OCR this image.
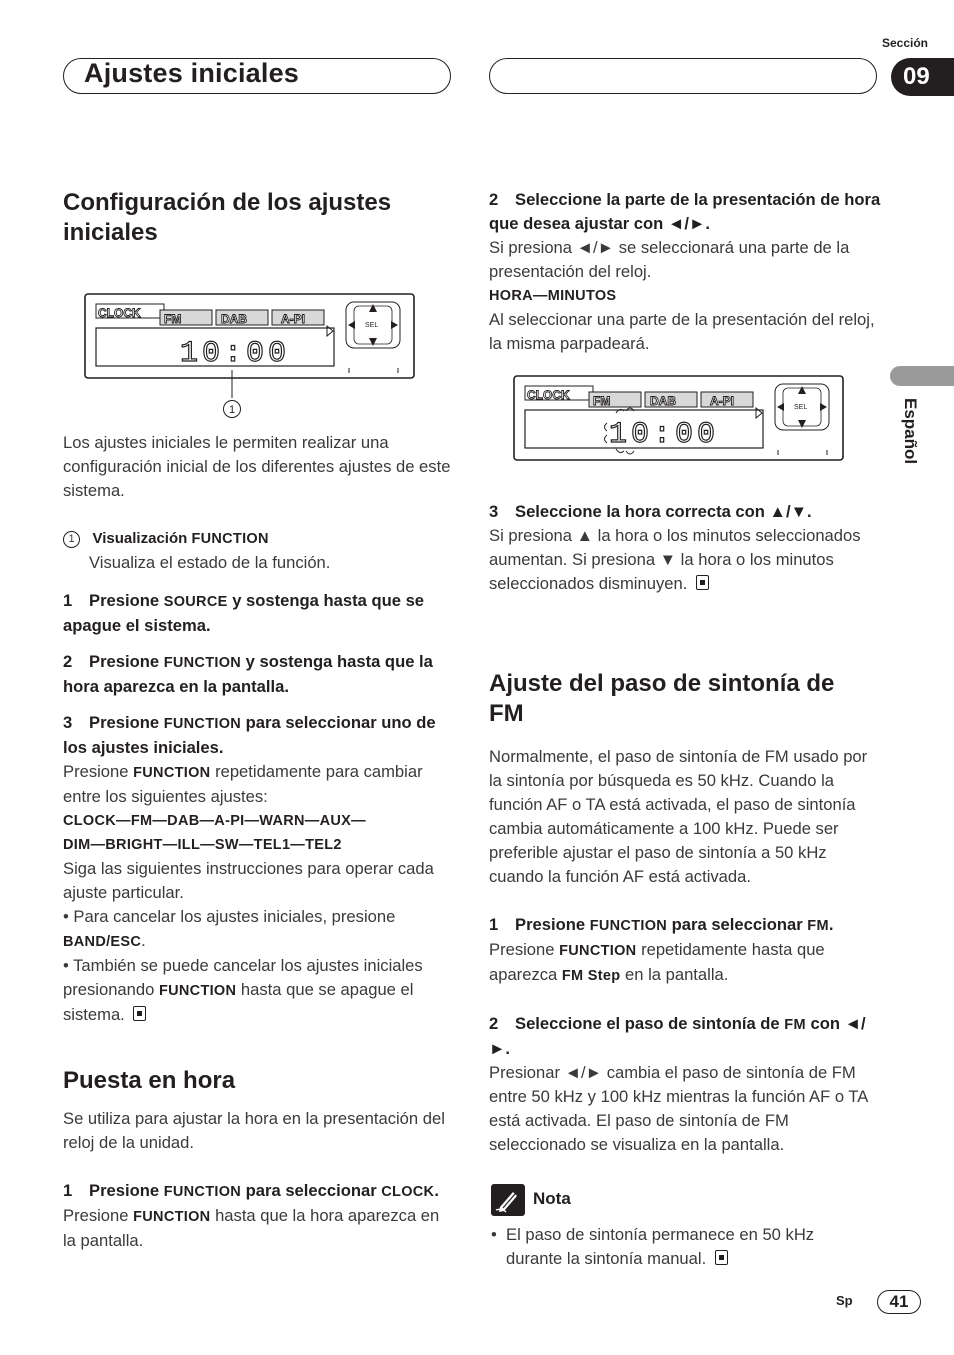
Ajustes iniciales
Sección
09
Español
Configuración de los ajustes iniciales
CLOCK FM	DAB	A-PI
10:00
SEL
1

Los ajustes iniciales le permiten realizar una configuración inicial de los diferentes ajustes de este sistema.

1 Visualización FUNCTION

Visualiza el estado de la función.

1 Presione SOURCE y sostenga hasta que se apague el sistema.

2 Presione FUNCTION y sostenga hasta que la hora aparezca en la pantalla.

3 Presione FUNCTION para seleccionar uno de los ajustes iniciales.

Presione FUNCTION repetidamente para cambiar entre los siguientes ajustes:

CLOCK—FM—DAB—A-PI—WARN—AUX—

DIM—BRIGHT—ILL—SW—TEL1—TEL2

Siga las siguientes instrucciones para operar cada ajuste particular.

• Para cancelar los ajustes iniciales, presione BAND/ESC.

• También se puede cancelar los ajustes iniciales presionando FUNCTION hasta que se apague el sistema.

Puesta en hora

Se utiliza para ajustar la hora en la presentación del reloj de la unidad.

1 Presione FUNCTION para seleccionar CLOCK.

Presione FUNCTION hasta que la hora aparezca en la pantalla.

2 Seleccione la parte de la presentación de hora que desea ajustar con ◄/►.

Si presiona ◄/► se seleccionará una parte de la presentación del reloj.

HORA—MINUTOS

Al seleccionar una parte de la presentación del reloj, la misma parpadeará.

CLOCK FM	DAB	A-PI
10:00
SEL

3 Seleccione la hora correcta con ▲/▼.

Si presiona ▲ la hora o los minutos seleccionados aumentan. Si presiona ▼ la hora o los minutos seleccionados disminuyen.

Ajuste del paso de sintonía de FM

Normalmente, el paso de sintonía de FM usado por la sintonía por búsqueda es 50 kHz. Cuando la función AF o TA está activada, el paso de sintonía cambia automáticamente a 100 kHz. Puede ser preferible ajustar el paso de sintonía a 50 kHz cuando la función AF está activada.

1 Presione FUNCTION para seleccionar FM.

Presione FUNCTION repetidamente hasta que aparezca FM Step en la pantalla.

2 Seleccione el paso de sintonía de FM con ◄/►.

Presionar ◄/► cambia el paso de sintonía de FM entre 50 kHz y 100 kHz mientras la función AF o TA está activada. El paso de sintonía de FM seleccionado se visualiza en la pantalla.

Nota
• El paso de sintonía permanece en 50 kHz durante la sintonía manual.
Sp	41
